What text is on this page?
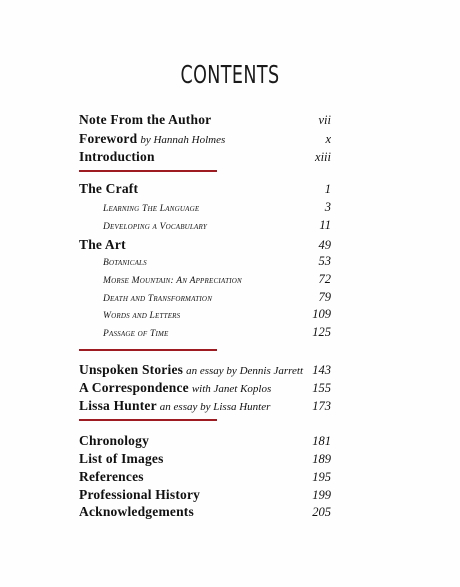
CONTENTS
Note From the Author	vii
Foreword by Hannah Holmes	x
Introduction	xiii
The Craft	1
Learning The Language	3
Developing a Vocabulary	11
The Art	49
Botanicals	53
Morse Mountain: An Appreciation	72
Death and Transformation	79
Words and Letters	109
Passage of Time	125
Unspoken Stories an essay by Dennis Jarrett 143
A Correspondence with Janet Koplos	155
Lissa Hunter an essay by Lissa Hunter	173
Chronology	181
List of Images	189
References	195
Professional History	199
Acknowledgements	205
